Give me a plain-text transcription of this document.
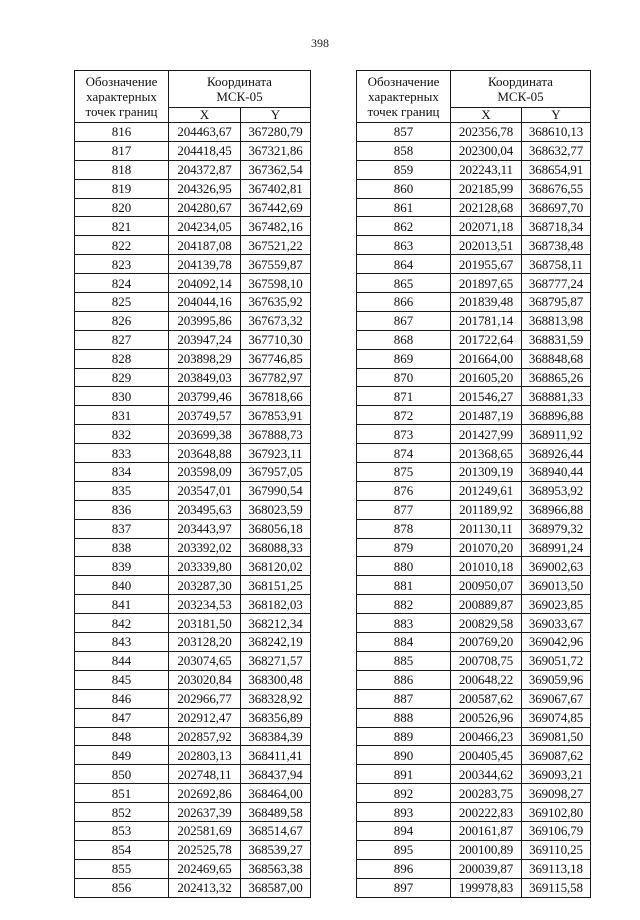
398
Обозначение
характерных
точек границ	Координата
МСК-05	
	X	Y
816	204463,67	367280,79
817	204418,45	367321,86
818	204372,87	367362,54
819	204326,95	367402,81
820	204280,67	367442,69
821	204234,05	367482,16
822	204187,08	367521,22
823	204139,78	367559,87
824	204092,14	367598,10
825	204044,16	367635,92
826	203995,86	367673,32
827	203947,24	367710,30
828	203898,29	367746,85
829	203849,03	367782,97
830	203799,46	367818,66
831	203749,57	367853,91
832	203699,38	367888,73
833	203648,88	367923,11
834	203598,09	367957,05
835	203547,01	367990,54
836	203495,63	368023,59
837	203443,97	368056,18
838	203392,02	368088,33
839	203339,80	368120,02
840	203287,30	368151,25
841	203234,53	368182,03
842	203181,50	368212,34
843	203128,20	368242,19
844	203074,65	368271,57
845	203020,84	368300,48
846	202966,77	368328,92
847	202912,47	368356,89
848	202857,92	368384,39
849	202803,13	368411,41
850	202748,11	368437,94
851	202692,86	368464,00
852	202637,39	368489,58
853	202581,69	368514,67
854	202525,78	368539,27
855	202469,65	368563,38
856	202413,32	368587,00
Обозначение
характерных
точек границ	Координата
МСК-05	
	X	Y
857	202356,78	368610,13
858	202300,04	368632,77
859	202243,11	368654,91
860	202185,99	368676,55
861	202128,68	368697,70
862	202071,18	368718,34
863	202013,51	368738,48
864	201955,67	368758,11
865	201897,65	368777,24
866	201839,48	368795,87
867	201781,14	368813,98
868	201722,64	368831,59
869	201664,00	368848,68
870	201605,20	368865,26
871	201546,27	368881,33
872	201487,19	368896,88
873	201427,99	368911,92
874	201368,65	368926,44
875	201309,19	368940,44
876	201249,61	368953,92
877	201189,92	368966,88
878	201130,11	368979,32
879	201070,20	368991,24
880	201010,18	369002,63
881	200950,07	369013,50
882	200889,87	369023,85
883	200829,58	369033,67
884	200769,20	369042,96
885	200708,75	369051,72
886	200648,22	369059,96
887	200587,62	369067,67
888	200526,96	369074,85
889	200466,23	369081,50
890	200405,45	369087,62
891	200344,62	369093,21
892	200283,75	369098,27
893	200222,83	369102,80
894	200161,87	369106,79
895	200100,89	369110,25
896	200039,87	369113,18
897	199978,83	369115,58
